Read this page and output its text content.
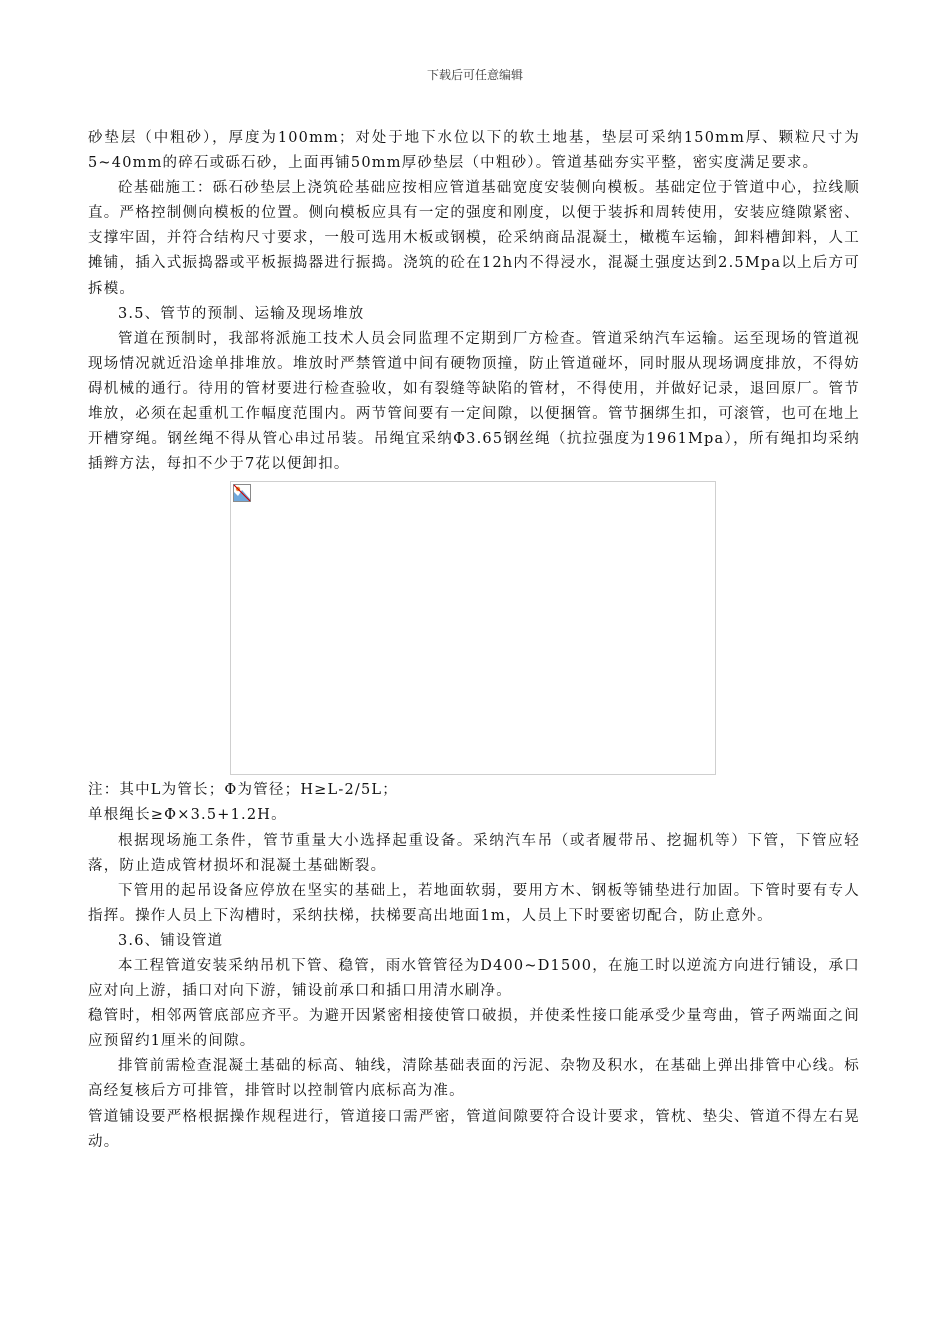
下载后可任意编辑

砂垫层（中粗砂），厚度为100mm；对处于地下水位以下的软土地基，垫层可采纳150mm厚、颗粒尺寸为5~40mm的碎石或砾石砂，上面再铺50mm厚砂垫层（中粗砂）。管道基础夯实平整，密实度满足要求。

砼基础施工：砾石砂垫层上浇筑砼基础应按相应管道基础宽度安装侧向模板。基础定位于管道中心，拉线顺直。严格控制侧向模板的位置。侧向模板应具有一定的强度和刚度，以便于装拆和周转使用，安装应缝隙紧密、支撑牢固，并符合结构尺寸要求，一般可选用木板或钢模，砼采纳商品混凝土，橄榄车运输，卸料槽卸料，人工摊铺，插入式振捣器或平板振捣器进行振捣。浇筑的砼在12h内不得浸水，混凝土强度达到2.5Mpa以上后方可拆模。

3.5、管节的预制、运输及现场堆放

管道在预制时，我部将派施工技术人员会同监理不定期到厂方检查。管道采纳汽车运输。运至现场的管道视现场情况就近沿途单排堆放。堆放时严禁管道中间有硬物顶撞，防止管道碰坏，同时服从现场调度排放，不得妨碍机械的通行。待用的管材要进行检查验收，如有裂缝等缺陷的管材，不得使用，并做好记录，退回原厂。管节堆放，必须在起重机工作幅度范围内。两节管间要有一定间隙，以便捆管。管节捆绑生扣，可滚管，也可在地上开槽穿绳。钢丝绳不得从管心串过吊装。吊绳宜采纳Φ3.65钢丝绳（抗拉强度为1961Mpa），所有绳扣均采纳插辫方法，每扣不少于7花以便卸扣。

注：其中L为管长；Φ为管径；H≥L-2/5L；

单根绳长≥Φ×3.5+1.2H。

根据现场施工条件，管节重量大小选择起重设备。采纳汽车吊（或者履带吊、挖掘机等）下管，下管应轻落，防止造成管材损坏和混凝土基础断裂。

下管用的起吊设备应停放在坚实的基础上，若地面软弱，要用方木、钢板等铺垫进行加固。下管时要有专人指挥。操作人员上下沟槽时，采纳扶梯，扶梯要高出地面1m，人员上下时要密切配合，防止意外。

3.6、铺设管道

本工程管道安装采纳吊机下管、稳管，雨水管管径为D400~D1500，在施工时以逆流方向进行铺设，承口应对向上游，插口对向下游，铺设前承口和插口用清水刷净。

稳管时，相邻两管底部应齐平。为避开因紧密相接使管口破损，并使柔性接口能承受少量弯曲，管子两端面之间应预留约1厘米的间隙。

排管前需检查混凝土基础的标高、轴线，清除基础表面的污泥、杂物及积水，在基础上弹出排管中心线。标高经复核后方可排管，排管时以控制管内底标高为准。

管道铺设要严格根据操作规程进行，管道接口需严密，管道间隙要符合设计要求，管枕、垫尖、管道不得左右晃动。
